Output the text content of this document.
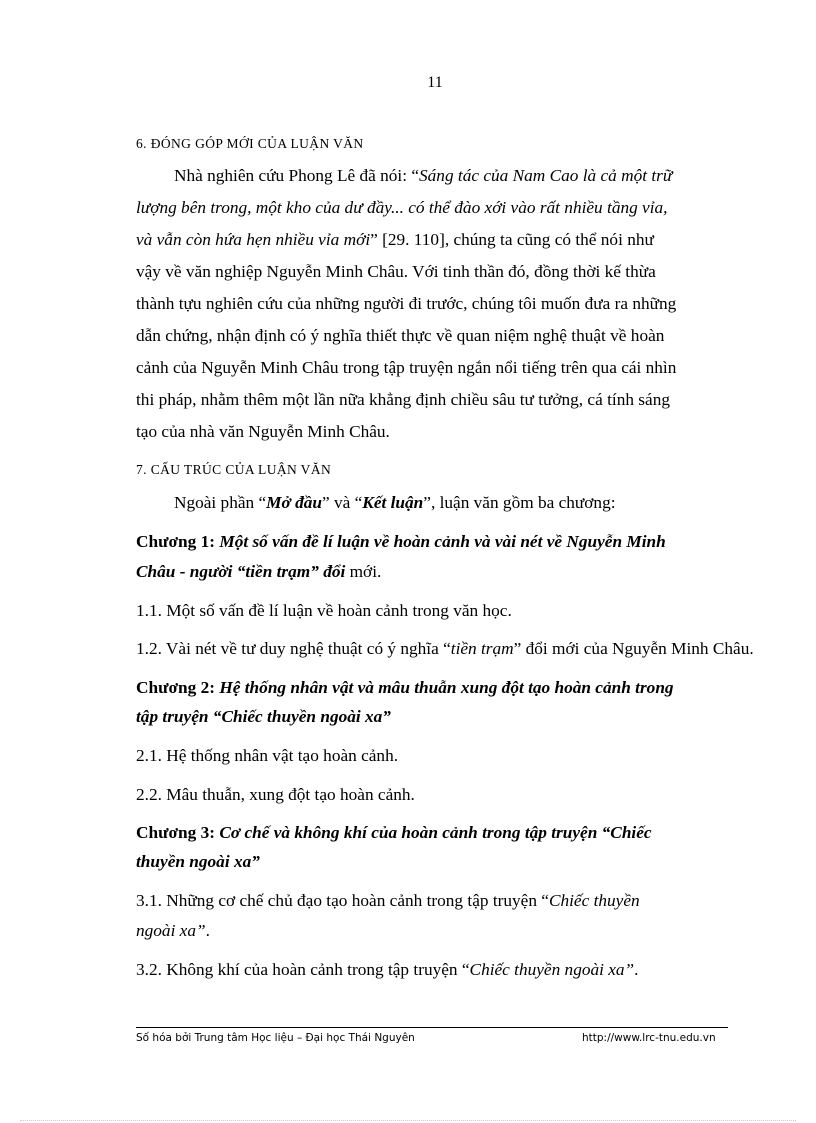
11
6. ĐÓNG GÓP MỚI CỦA LUẬN VĂN
Nhà nghiên cứu Phong Lê đã nói: “Sáng tác của Nam Cao là cả một trữ
lượng bên trong, một kho của dư đầy... có thể đào xới vào rất nhiều tầng vỉa,
và vẫn còn hứa hẹn nhiều vỉa mới” [29. 110], chúng ta cũng có thể nói như
vậy về văn nghiệp Nguyễn Minh Châu. Với tinh thần đó, đồng thời kế thừa
thành tựu nghiên cứu của những người đi trước, chúng tôi muốn đưa ra những
dẫn chứng, nhận định có ý nghĩa thiết thực về quan niệm nghệ thuật về hoàn
cảnh của Nguyễn Minh Châu trong tập truyện ngắn nổi tiếng trên qua cái nhìn
thi pháp, nhằm thêm một lần nữa khẳng định chiều sâu tư tưởng, cá tính sáng
tạo của nhà văn Nguyễn Minh Châu.
7. CẤU TRÚC CỦA LUẬN VĂN
Ngoài phần “Mở đầu” và “Kết luận”, luận văn gồm ba chương:
Chương 1: Một số vấn đề lí luận về hoàn cảnh và vài nét về Nguyễn Minh
Châu - người “tiền trạm” đổi mới.
1.1. Một số vấn đề lí luận về hoàn cảnh trong văn học.
1.2. Vài nét về tư duy nghệ thuật có ý nghĩa “tiền trạm” đổi mới của Nguyễn Minh Châu.
Chương 2: Hệ thống nhân vật và mâu thuẫn xung đột tạo hoàn cảnh trong
tập truyện “Chiếc thuyền ngoài xa”
2.1. Hệ thống nhân vật tạo hoàn cảnh.
2.2. Mâu thuẫn, xung đột tạo hoàn cảnh.
Chương 3: Cơ chế và không khí của hoàn cảnh trong tập truyện “Chiếc
thuyền ngoài xa”
3.1. Những cơ chế chủ đạo tạo hoàn cảnh trong tập truyện “Chiếc thuyền
ngoài xa”.
3.2. Không khí của hoàn cảnh trong tập truyện “Chiếc thuyền ngoài xa”.
Số hóa bởi Trung tâm Học liệu – Đại học Thái Nguyên	http://www.lrc-tnu.edu.vn
